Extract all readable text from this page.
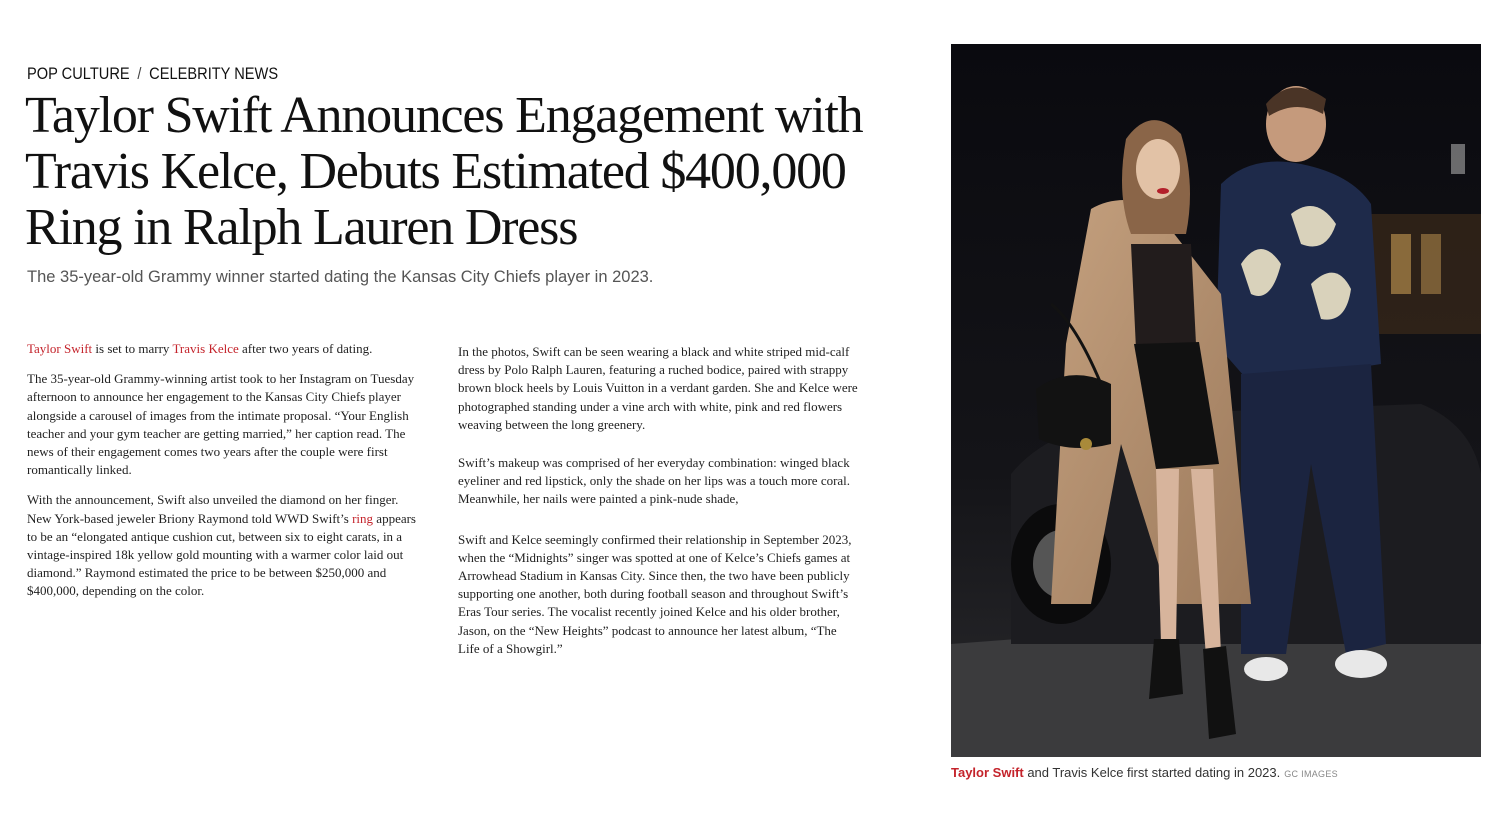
POP CULTURE / CELEBRITY NEWS
Taylor Swift Announces Engagement with Travis Kelce, Debuts Estimated $400,000 Ring in Ralph Lauren Dress

The 35-year-old Grammy winner started dating the Kansas City Chiefs player in 2023.

Taylor Swift is set to marry Travis Kelce after two years of dating.

The 35-year-old Grammy-winning artist took to her Instagram on Tuesday afternoon to announce her engagement to the Kansas City Chiefs player alongside a carousel of images from the intimate proposal. “Your English teacher and your gym teacher are getting married,” her caption read. The news of their engagement comes two years after the couple were first romantically linked.

With the announcement, Swift also unveiled the diamond on her finger. New York-based jeweler Briony Raymond told WWD Swift’s ring appears to be an “elongated antique cushion cut, between six to eight carats, in a vintage-inspired 18k yellow gold mounting with a warmer color laid out diamond.” Raymond estimated the price to be between $250,000 and $400,000, depending on the color.

In the photos, Swift can be seen wearing a black and white striped mid-calf dress by Polo Ralph Lauren, featuring a ruched bodice, paired with strappy brown block heels by Louis Vuitton in a verdant garden. She and Kelce were photographed standing under a vine arch with white, pink and red flowers weaving between the long greenery.

Swift’s makeup was comprised of her everyday combination: winged black eyeliner and red lipstick, only the shade on her lips was a touch more coral. Meanwhile, her nails were painted a pink-nude shade,

Swift and Kelce seemingly confirmed their relationship in September 2023, when the “Midnights” singer was spotted at one of Kelce’s Chiefs games at Arrowhead Stadium in Kansas City. Since then, the two have been publicly supporting one another, both during football season and throughout Swift’s Eras Tour series. The vocalist recently joined Kelce and his older brother, Jason, on the “New Heights” podcast to announce her latest album, “The Life of a Showgirl.”

Taylor Swift and Travis Kelce first started dating in 2023. GC IMAGES
